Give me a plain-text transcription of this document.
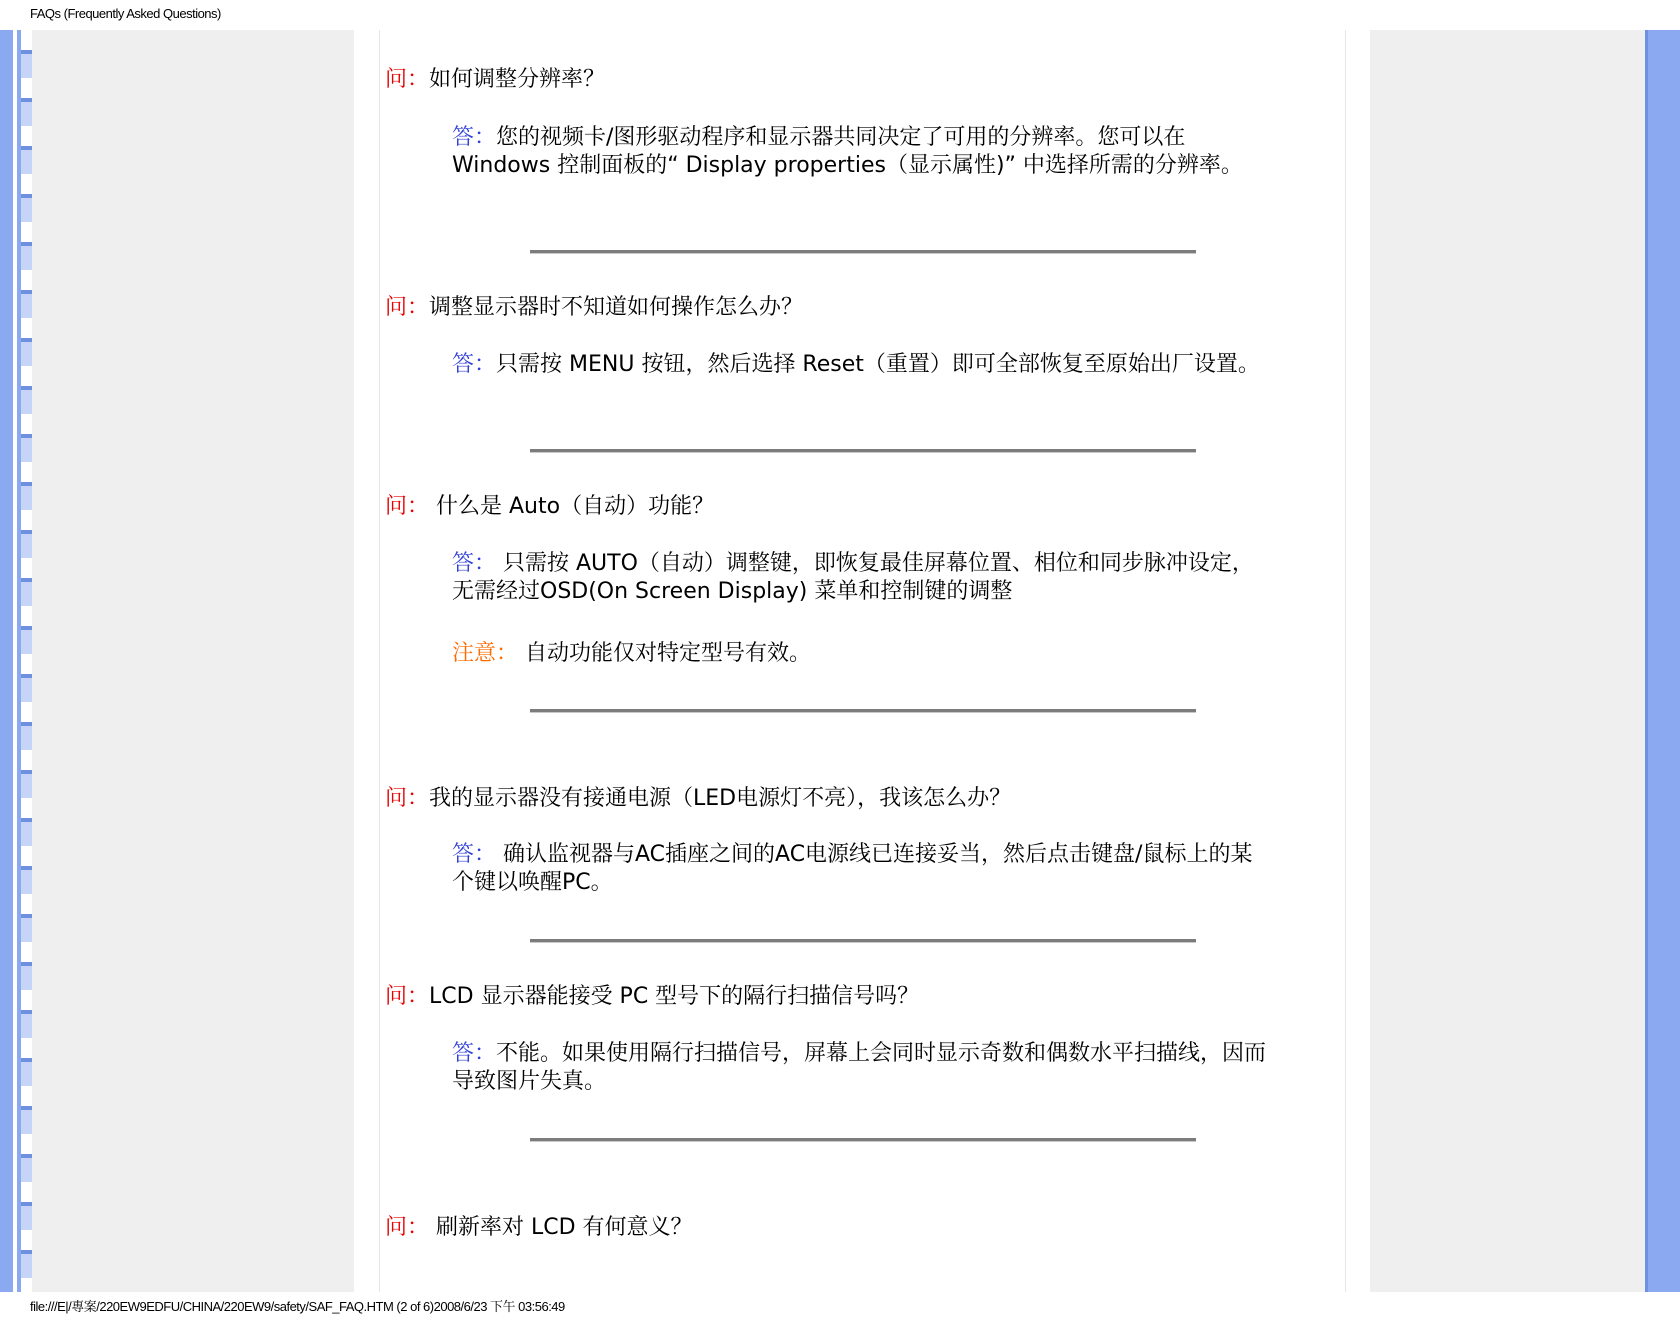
FAQs (Frequently Asked Questions)
问：如何调整分辨率？
答：您的视频卡/图形驱动程序和显示器共同决定了可用的分辨率。您可以在 Windows 控制面板的“ Display properties（显示属性)” 中选择所需的分辨率。
问：调整显示器时不知道如何操作怎么办？
答：只需按 MENU 按钮，然后选择 Reset（重置）即可全部恢复至原始出厂设置。
问： 什么是 Auto（自动）功能？
答： 只需按 AUTO（自动）调整键，即恢复最佳屏幕位置、相位和同步脉冲设定，无需经过OSD(On Screen Display) 菜单和控制键的调整
注意： 自动功能仅对特定型号有效。
问：我的显示器没有接通电源（LED电源灯不亮），我该怎么办？
答： 确认监视器与AC插座之间的AC电源线已连接妥当，然后点击键盘/鼠标上的某个键以唤醒PC。
问：LCD 显示器能接受 PC 型号下的隔行扫描信号吗？
答：不能。如果使用隔行扫描信号，屏幕上会同时显示奇数和偶数水平扫描线，因而导致图片失真。
问： 刷新率对 LCD 有何意义？
file:///E|/專案/220EW9EDFU/CHINA/220EW9/safety/SAF_FAQ.HTM (2 of 6)2008/6/23 下午 03:56:49
